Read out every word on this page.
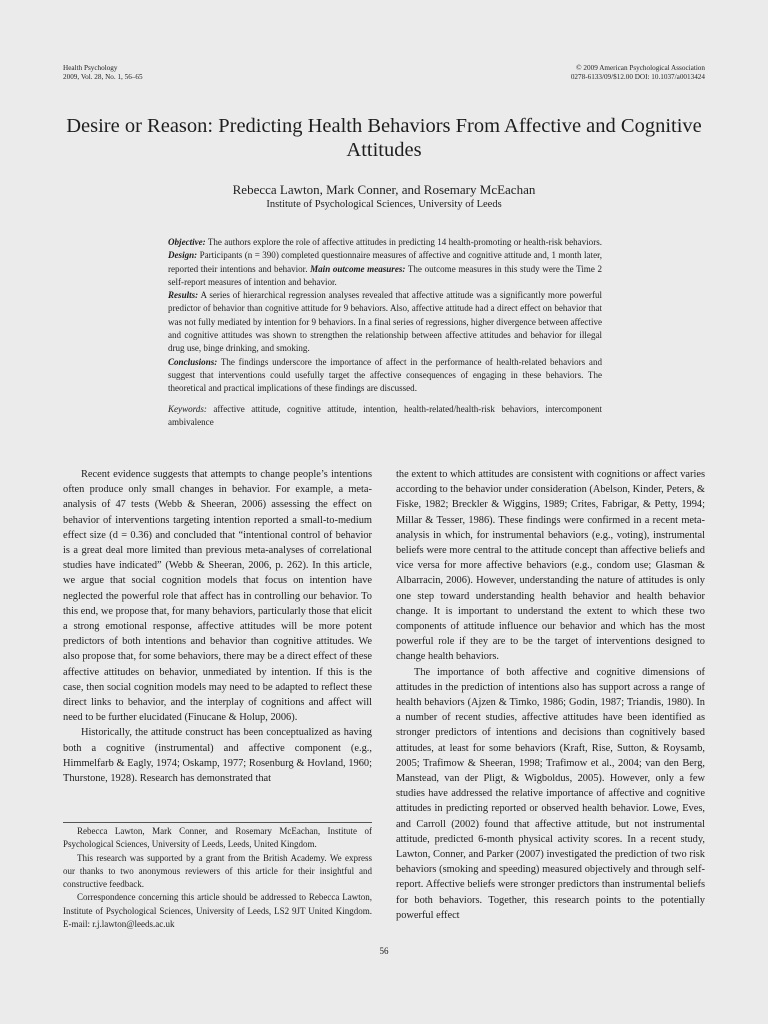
Health Psychology
2009, Vol. 28, No. 1, 56–65
© 2009 American Psychological Association
0278-6133/09/$12.00 DOI: 10.1037/a0013424
Desire or Reason: Predicting Health Behaviors From Affective and Cognitive Attitudes
Rebecca Lawton, Mark Conner, and Rosemary McEachan
Institute of Psychological Sciences, University of Leeds

Objective: The authors explore the role of affective attitudes in predicting 14 health-promoting or health-risk behaviors. Design: Participants (n = 390) completed questionnaire measures of affective and cognitive attitude and, 1 month later, reported their intentions and behavior. Main outcome measures: The outcome measures in this study were the Time 2 self-report measures of intention and behavior.

Results: A series of hierarchical regression analyses revealed that affective attitude was a significantly more powerful predictor of behavior than cognitive attitude for 9 behaviors. Also, affective attitude had a direct effect on behavior that was not fully mediated by intention for 9 behaviors. In a final series of regressions, higher divergence between affective and cognitive attitudes was shown to strengthen the relationship between affective attitudes and behavior for illegal drug use, binge drinking, and smoking.

Conclusions: The findings underscore the importance of affect in the performance of health-related behaviors and suggest that interventions could usefully target the affective consequences of engaging in these behaviors. The theoretical and practical implications of these findings are discussed.

Keywords: affective attitude, cognitive attitude, intention, health-related/health-risk behaviors, intercomponent ambivalence

Recent evidence suggests that attempts to change people’s intentions often produce only small changes in behavior. For example, a meta-analysis of 47 tests (Webb & Sheeran, 2006) assessing the effect on behavior of interventions targeting intention reported a small-to-medium effect size (d = 0.36) and concluded that “intentional control of behavior is a great deal more limited than previous meta-analyses of correlational studies have indicated” (Webb & Sheeran, 2006, p. 262). In this article, we argue that social cognition models that focus on intention have neglected the powerful role that affect has in controlling our behavior. To this end, we propose that, for many behaviors, particularly those that elicit a strong emotional response, affective attitudes will be more potent predictors of both intentions and behavior than cognitive attitudes. We also propose that, for some behaviors, there may be a direct effect of these affective attitudes on behavior, unmediated by intention. If this is the case, then social cognition models may need to be adapted to reflect these direct links to behavior, and the interplay of cognitions and affect will need to be further elucidated (Finucane & Holup, 2006).

Historically, the attitude construct has been conceptualized as having both a cognitive (instrumental) and affective component (e.g., Himmelfarb & Eagly, 1974; Oskamp, 1977; Rosenburg & Hovland, 1960; Thurstone, 1928). Research has demonstrated that

the extent to which attitudes are consistent with cognitions or affect varies according to the behavior under consideration (Abelson, Kinder, Peters, & Fiske, 1982; Breckler & Wiggins, 1989; Crites, Fabrigar, & Petty, 1994; Millar & Tesser, 1986). These findings were confirmed in a recent meta-analysis in which, for instrumental behaviors (e.g., voting), instrumental beliefs were more central to the attitude concept than affective beliefs and vice versa for more affective behaviors (e.g., condom use; Glasman & Albarracin, 2006). However, understanding the nature of attitudes is only one step toward understanding health behavior and health behavior change. It is important to understand the extent to which these two components of attitude influence our behavior and which has the most powerful role if they are to be the target of interventions designed to change health behaviors.

The importance of both affective and cognitive dimensions of attitudes in the prediction of intentions also has support across a range of health behaviors (Ajzen & Timko, 1986; Godin, 1987; Triandis, 1980). In a number of recent studies, affective attitudes have been identified as stronger predictors of intentions and decisions than cognitively based attitudes, at least for some behaviors (Kraft, Rise, Sutton, & Roysamb, 2005; Trafimow & Sheeran, 1998; Trafimow et al., 2004; van den Berg, Manstead, van der Pligt, & Wigboldus, 2005). However, only a few studies have addressed the relative importance of affective and cognitive attitudes in predicting reported or observed health behavior. Lowe, Eves, and Carroll (2002) found that affective attitude, but not instrumental attitude, predicted 6-month physical activity scores. In a recent study, Lawton, Conner, and Parker (2007) investigated the prediction of two risk behaviors (smoking and speeding) measured objectively and through self-report. Affective beliefs were stronger predictors than instrumental beliefs for both behaviors. Together, this research points to the potentially powerful effect

Rebecca Lawton, Mark Conner, and Rosemary McEachan, Institute of Psychological Sciences, University of Leeds, Leeds, United Kingdom.

This research was supported by a grant from the British Academy. We express our thanks to two anonymous reviewers of this article for their insightful and constructive feedback.

Correspondence concerning this article should be addressed to Rebecca Lawton, Institute of Psychological Sciences, University of Leeds, LS2 9JT United Kingdom. E-mail: r.j.lawton@leeds.ac.uk

56
